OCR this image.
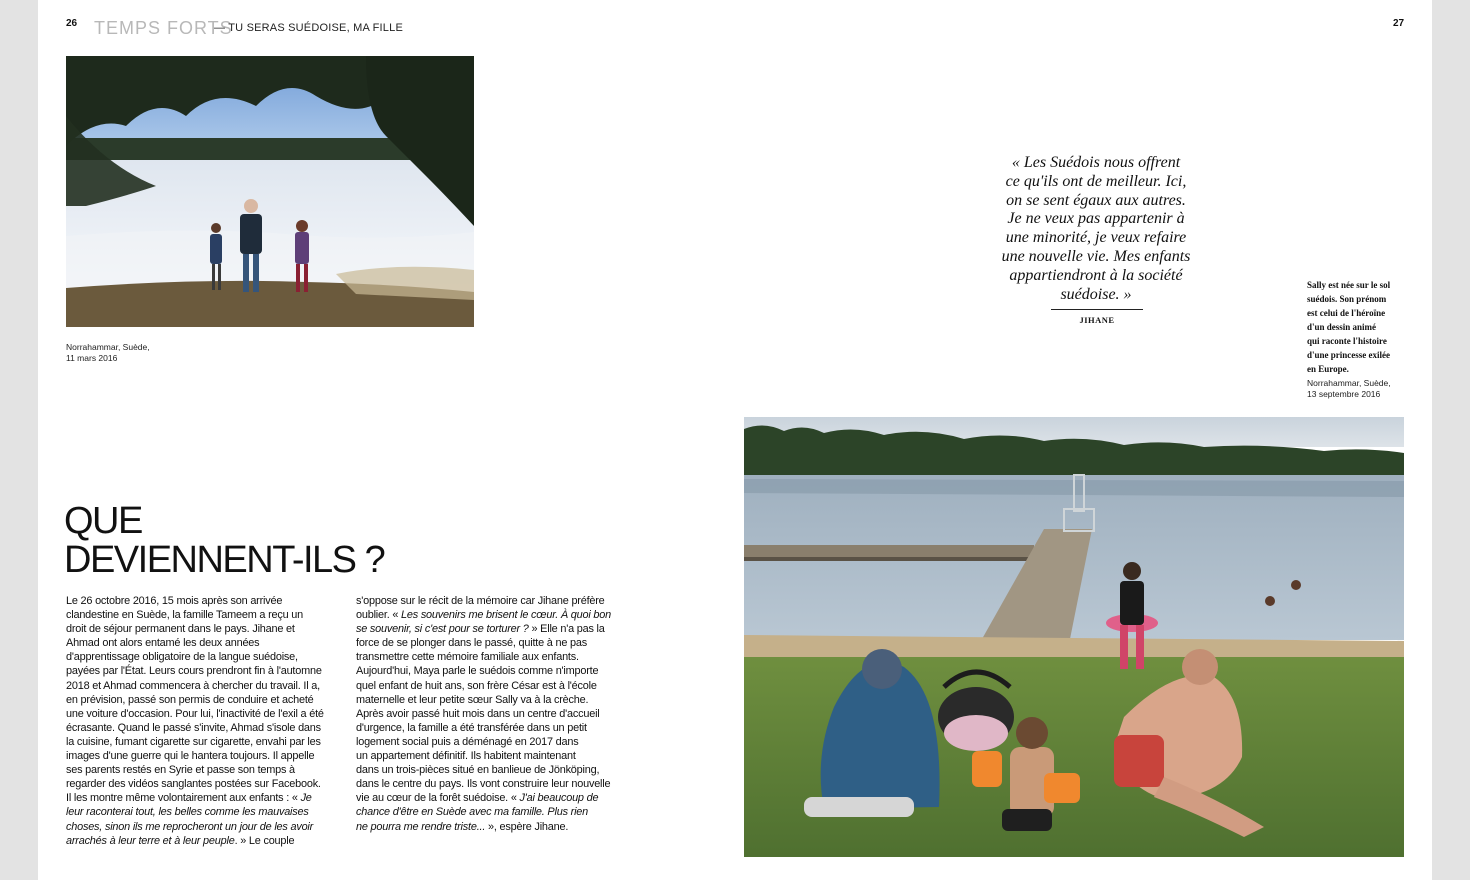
26 TEMPS FORTS
— TU SERAS SUÉDOISE, MA FILLE	27
Norrahammar, Suède,
11 mars 2016
« Les Suédois nous offrent
ce qu'ils ont de meilleur. Ici,
on se sent égaux aux autres.
Je ne veux pas appartenir à
une minorité, je veux refaire
une nouvelle vie. Mes enfants
appartiendront à la société
suédoise. »
JIHANE
Sally est née sur le sol
suédois. Son prénom
est celui de l'héroïne
d'un dessin animé
qui raconte l'histoire
d'une princesse exilée
en Europe.
Norrahammar, Suède,
13 septembre 2016
QUE
DEVIENNENT-ILS ?

Le 26 octobre 2016, 15 mois après son arrivée

clandestine en Suède, la famille Tameem a reçu un

droit de séjour permanent dans le pays. Jihane et

Ahmad ont alors entamé les deux années

d'apprentissage obligatoire de la langue suédoise,

payées par l'État. Leurs cours prendront fin à l'automne

2018 et Ahmad commencera à chercher du travail. Il a,

en prévision, passé son permis de conduire et acheté

une voiture d'occasion. Pour lui, l'inactivité de l'exil a été

écrasante. Quand le passé s'invite, Ahmad s'isole dans

la cuisine, fumant cigarette sur cigarette, envahi par les

images d'une guerre qui le hantera toujours. Il appelle

ses parents restés en Syrie et passe son temps à

regarder des vidéos sanglantes postées sur Facebook.

Il les montre même volontairement aux enfants : « Je

leur raconterai tout, les belles comme les mauvaises

choses, sinon ils me reprocheront un jour de les avoir

arrachés à leur terre et à leur peuple. » Le couple

s'oppose sur le récit de la mémoire car Jihane préfère

oublier. « Les souvenirs me brisent le cœur. À quoi bon

se souvenir, si c'est pour se torturer ? » Elle n'a pas la

force de se plonger dans le passé, quitte à ne pas

transmettre cette mémoire familiale aux enfants.

Aujourd'hui, Maya parle le suédois comme n'importe

quel enfant de huit ans, son frère César est à l'école

maternelle et leur petite sœur Sally va à la crèche.

Après avoir passé huit mois dans un centre d'accueil

d'urgence, la famille a été transférée dans un petit

logement social puis a déménagé en 2017 dans

un appartement définitif. Ils habitent maintenant

dans un trois-pièces situé en banlieue de Jönköping,

dans le centre du pays. Ils vont construire leur nouvelle

vie au cœur de la forêt suédoise. « J'ai beaucoup de

chance d'être en Suède avec ma famille. Plus rien

ne pourra me rendre triste... », espère Jihane.
